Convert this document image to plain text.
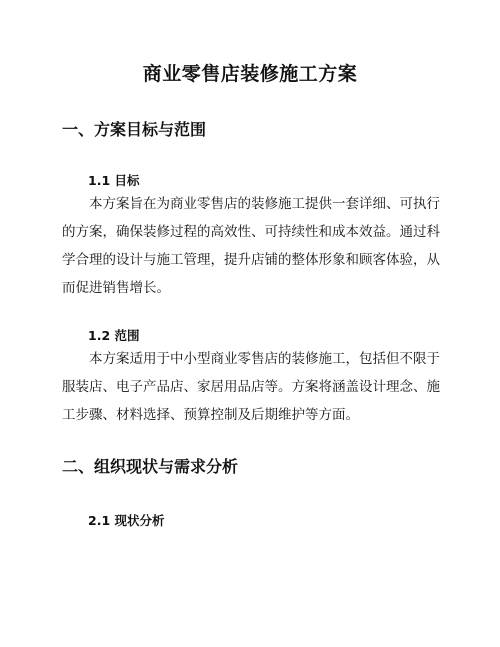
商业零售店装修施工方案
一、方案目标与范围
1.1 目标

本方案旨在为商业零售店的装修施工提供一套详细、可执行的方案，确保装修过程的高效性、可持续性和成本效益。通过科学合理的设计与施工管理，提升店铺的整体形象和顾客体验，从而促进销售增长。

1.2 范围

本方案适用于中小型商业零售店的装修施工，包括但不限于服装店、电子产品店、家居用品店等。方案将涵盖设计理念、施工步骤、材料选择、预算控制及后期维护等方面。

二、组织现状与需求分析
2.1 现状分析
